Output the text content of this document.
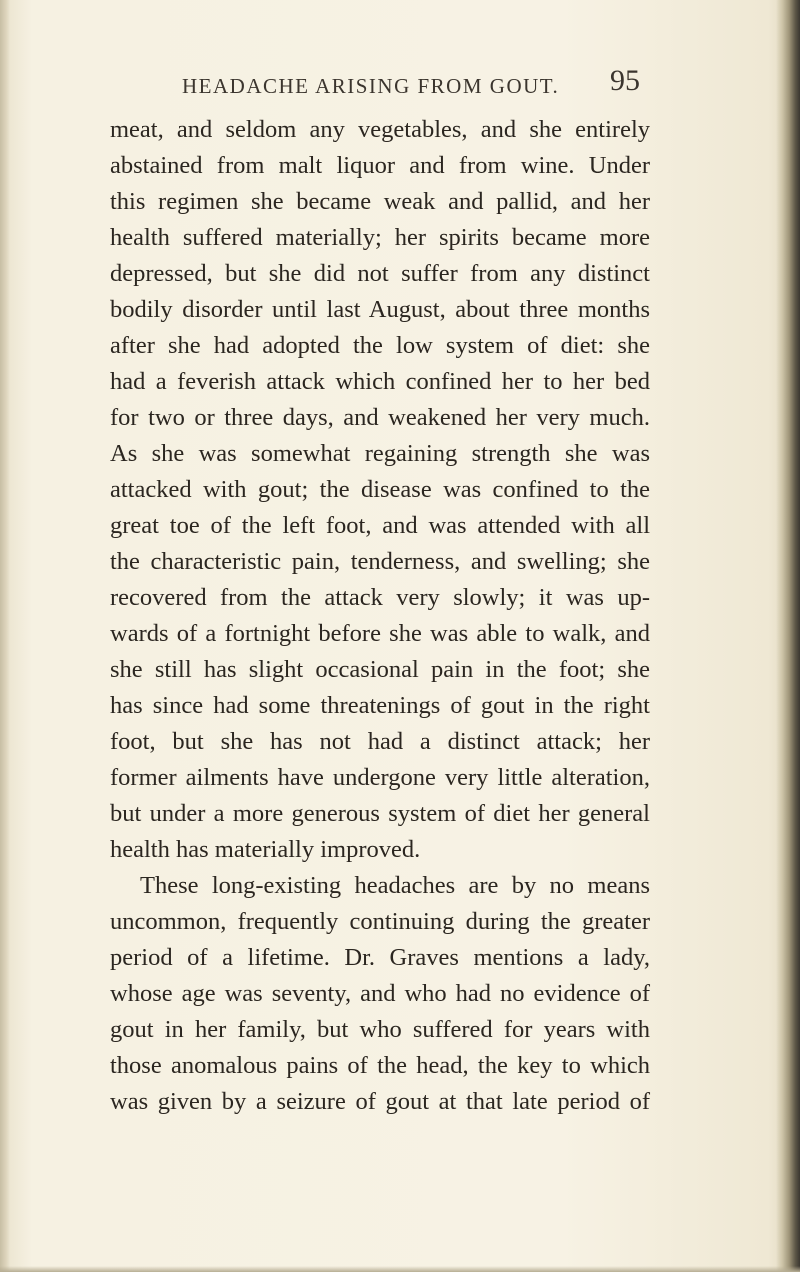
HEADACHE ARISING FROM GOUT. 95
meat, and seldom any vegetables, and she entirely
abstained from malt liquor and from wine. Under
this regimen she became weak and pallid, and her
health suffered materially; her spirits became more
depressed, but she did not suffer from any distinct
bodily disorder until last August, about three months
after she had adopted the low system of diet: she
had a feverish attack which confined her to her bed
for two or three days, and weakened her very much.
As she was somewhat regaining strength she was
attacked with gout; the disease was confined to the
great toe of the left foot, and was attended with all
the characteristic pain, tenderness, and swelling; she
recovered from the attack very slowly; it was up-
wards of a fortnight before she was able to walk, and
she still has slight occasional pain in the foot; she
has since had some threatenings of gout in the right
foot, but she has not had a distinct attack; her
former ailments have undergone very little alteration,
but under a more generous system of diet her general
health has materially improved.
These long-existing headaches are by no means
uncommon, frequently continuing during the greater
period of a lifetime. Dr. Graves mentions a lady,
whose age was seventy, and who had no evidence of
gout in her family, but who suffered for years with
those anomalous pains of the head, the key to which
was given by a seizure of gout at that late period of
